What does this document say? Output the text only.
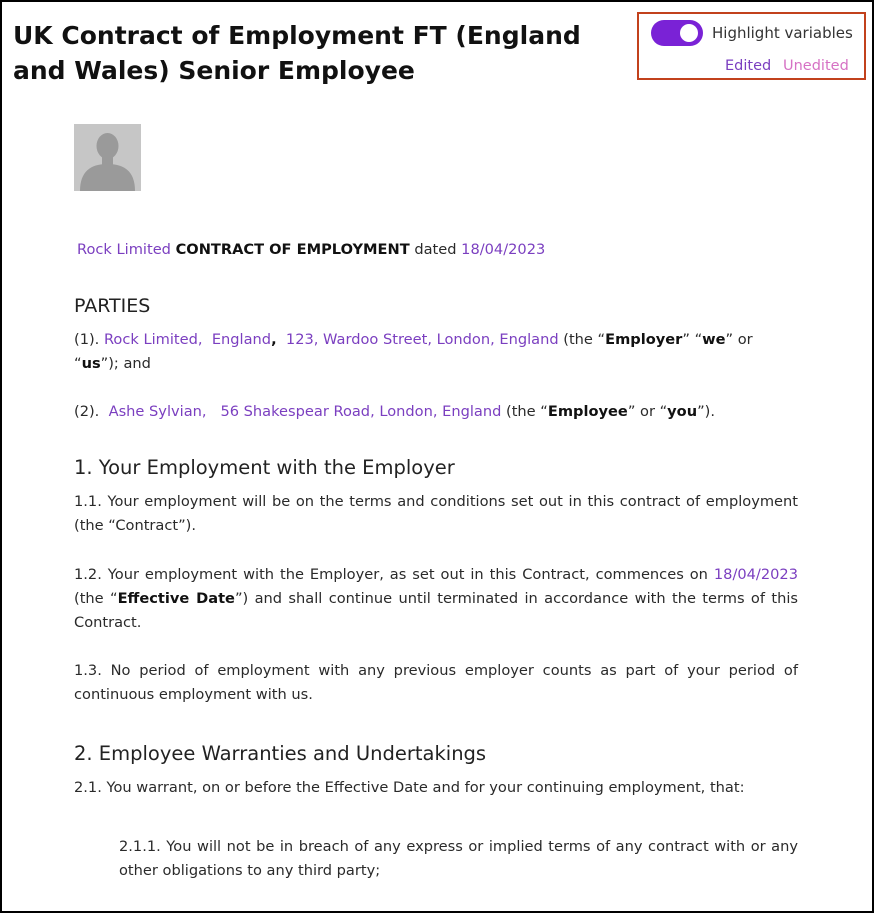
UK Contract of Employment FT (England and Wales) Senior Employee
Highlight variables
Edited Unedited

Rock Limited CONTRACT OF EMPLOYMENT dated 18/04/2023

PARTIES

(1). Rock Limited, England, 123, Wardoo Street, London, England (the “Employer” “we” or “us”); and

(2). Ashe Sylvian, 56 Shakespear Road, London, England (the “Employee” or “you”).

1. Your Employment with the Employer

1.1. Your employment will be on the terms and conditions set out in this contract of employment (the “Contract”).

1.2. Your employment with the Employer, as set out in this Contract, commences on 18/04/2023 (the “Effective Date”) and shall continue until terminated in accordance with the terms of this Contract.

1.3. No period of employment with any previous employer counts as part of your period of continuous employment with us.

2. Employee Warranties and Undertakings

2.1. You warrant, on or before the Effective Date and for your continuing employment, that:

2.1.1. You will not be in breach of any express or implied terms of any contract with or any other obligations to any third party;
